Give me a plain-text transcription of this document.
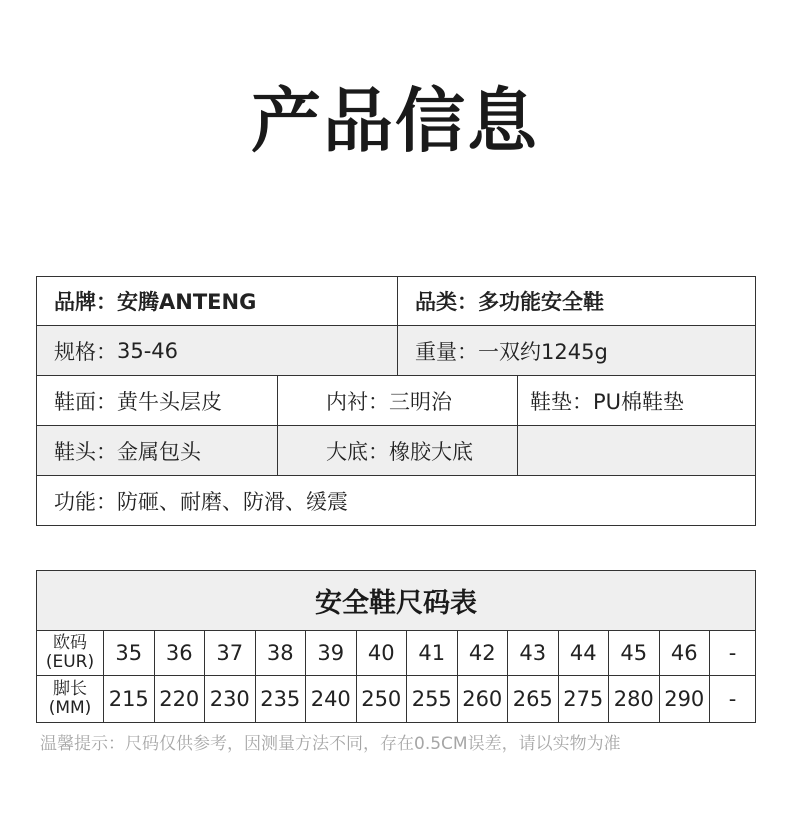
产品信息
品牌： 安腾ANTENG	品类： 多功能安全鞋
规格： 35-46	重量： 一双约1245g
鞋面： 黄牛头层皮	内衬： 三明治	鞋垫： PU棉鞋垫
鞋头： 金属包头	大底： 橡胶大底
功能： 防砸、耐磨、防滑、缓震
安全鞋尺码表
欧码
(EUR)	35	36	37	38	39	40	41	42	43	44	45	46	-
脚长
(MM) 215 220 230 235 240 250 255 260 265 275 280 290	-
温馨提示：尺码仅供参考，因测量方法不同，存在0.5CM误差，请以实物为准
